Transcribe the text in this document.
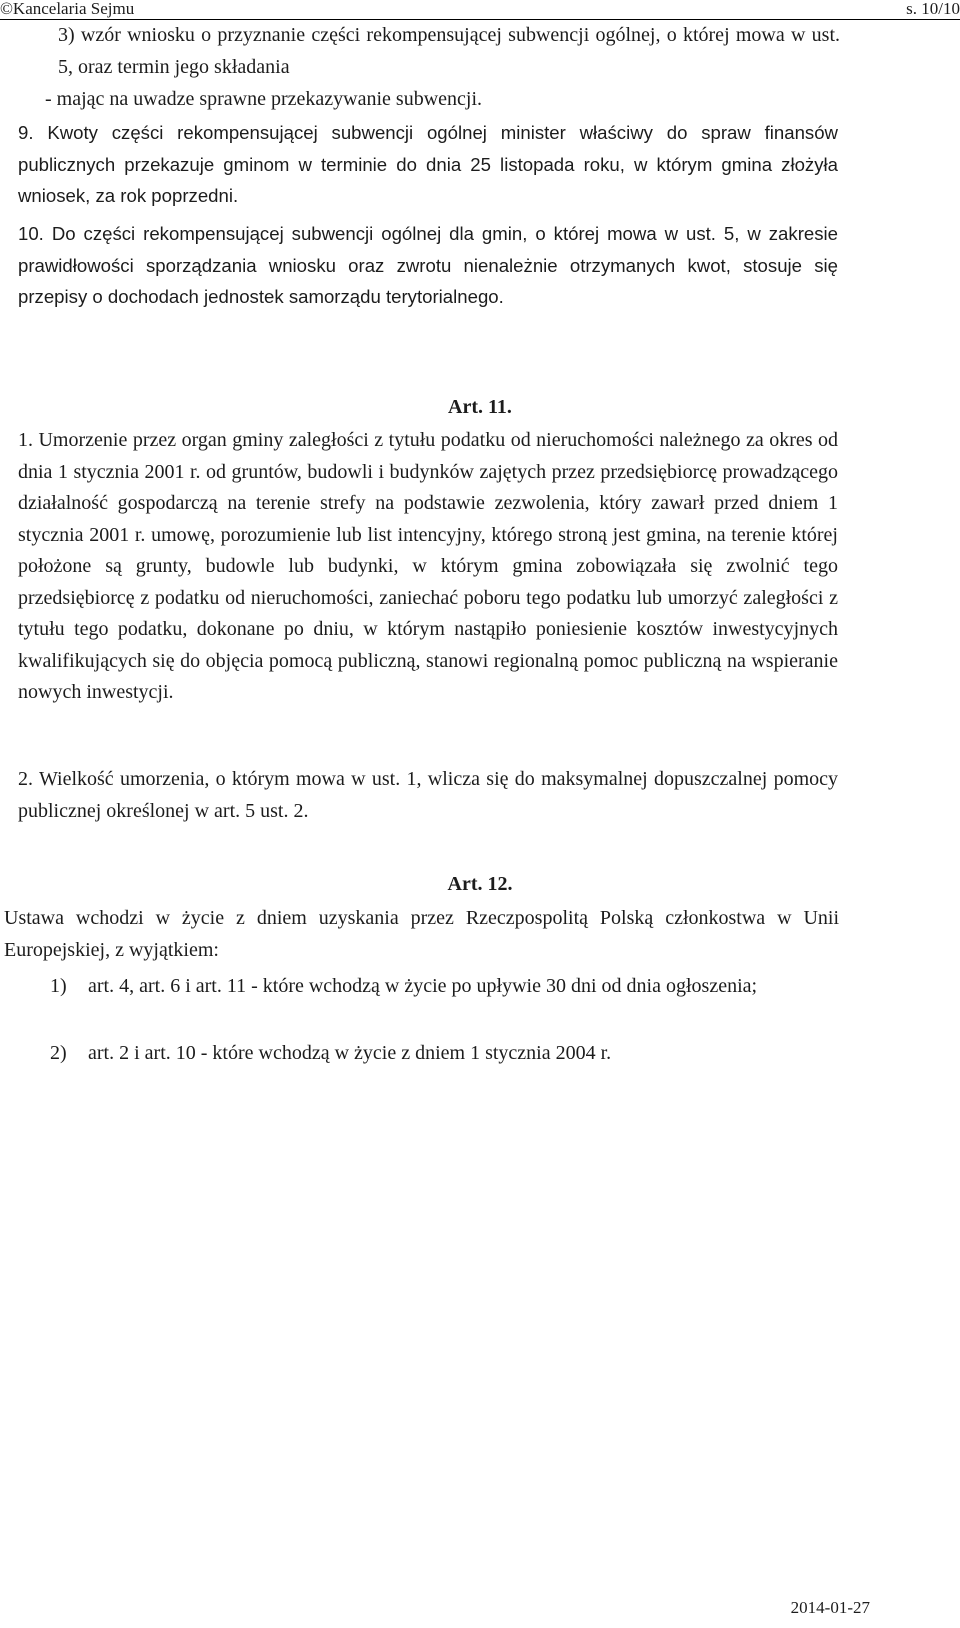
©Kancelaria Sejmu	s. 10/10
3) wzór wniosku o przyznanie części rekompensującej subwencji ogólnej, o której mowa w ust. 5, oraz termin jego składania
- mając na uwadze sprawne przekazywanie subwencji.
9. Kwoty części rekompensującej subwencji ogólnej minister właściwy do spraw finansów publicznych przekazuje gminom w terminie do dnia 25 listopada roku, w którym gmina złożyła wniosek, za rok poprzedni.
10. Do części rekompensującej subwencji ogólnej dla gmin, o której mowa w ust. 5, w zakresie prawidłowości sporządzania wniosku oraz zwrotu nienależnie otrzymanych kwot, stosuje się przepisy o dochodach jednostek samorządu terytorialnego.
Art. 11.
1. Umorzenie przez organ gminy zaległości z tytułu podatku od nieruchomości należnego za okres od dnia 1 stycznia 2001 r. od gruntów, budowli i budynków zajętych przez przedsiębiorcę prowadzącego działalność gospodarczą na terenie strefy na podstawie zezwolenia, który zawarł przed dniem 1 stycznia 2001 r. umowę, porozumienie lub list intencyjny, którego stroną jest gmina, na terenie której położone są grunty, budowle lub budynki, w którym gmina zobowiązała się zwolnić tego przedsiębiorcę z podatku od nieruchomości, zaniechać poboru tego podatku lub umorzyć zaległości z tytułu tego podatku, dokonane po dniu, w którym nastąpiło poniesienie kosztów inwestycyjnych kwalifikujących się do objęcia pomocą publiczną, stanowi regionalną pomoc publiczną na wspieranie nowych inwestycji.
2. Wielkość umorzenia, o którym mowa w ust. 1, wlicza się do maksymalnej dopuszczalnej pomocy publicznej określonej w art. 5 ust. 2.
Art. 12.
Ustawa wchodzi w życie z dniem uzyskania przez Rzeczpospolitą Polską członkostwa w Unii Europejskiej, z wyjątkiem:
1) art. 4, art. 6 i art. 11 - które wchodzą w życie po upływie 30 dni od dnia ogłoszenia;
2) art. 2 i art. 10 - które wchodzą w życie z dniem 1 stycznia 2004 r.
2014-01-27
